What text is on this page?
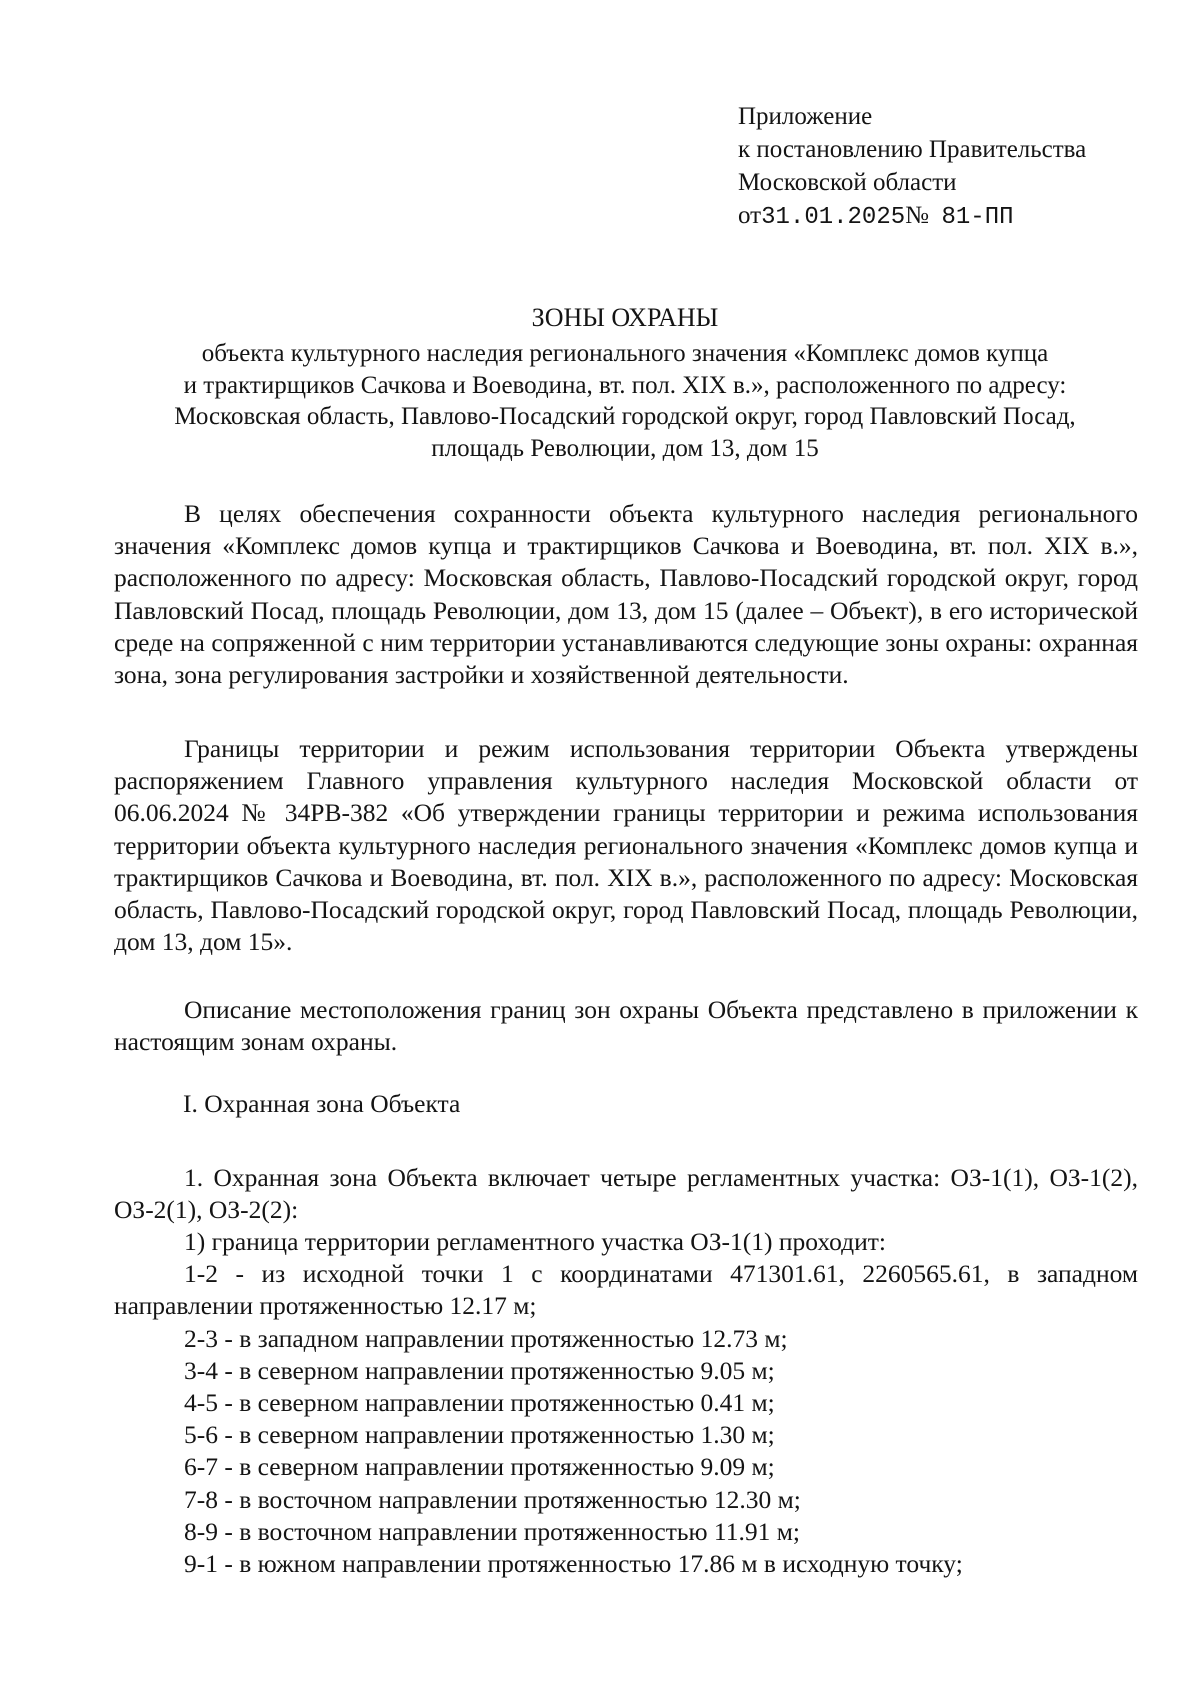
Приложение
к постановлению Правительства
Московской области
от31.01.2025№ 81-ПП
ЗОНЫ ОХРАНЫ
объекта культурного наследия регионального значения «Комплекс домов купца
и трактирщиков Сачкова и Воеводина, вт. пол. XIX в.», расположенного по адресу:
Московская область, Павлово-Посадский городской округ, город Павловский Посад,
площадь Революции, дом 13, дом 15

В целях обеспечения сохранности объекта культурного наследия регионального значения «Комплекс домов купца и трактирщиков Сачкова и Воеводина, вт. пол. XIX в.», расположенного по адресу: Московская область, Павлово-Посадский городской округ, город Павловский Посад, площадь Революции, дом 13, дом 15 (далее – Объект), в его исторической среде на сопряженной с ним территории устанавливаются следующие зоны охраны: охранная зона, зона регулирования застройки и хозяйственной деятельности.

Границы территории и режим использования территории Объекта утверждены распоряжением Главного управления культурного наследия Московской области от 06.06.2024 № 34РВ-382 «Об утверждении границы территории и режима использования территории объекта культурного наследия регионального значения «Комплекс домов купца и трактирщиков Сачкова и Воеводина, вт. пол. XIX в.», расположенного по адресу: Московская область, Павлово-Посадский городской округ, город Павловский Посад, площадь Революции, дом 13, дом 15».

Описание местоположения границ зон охраны Объекта представлено в приложении к настоящим зонам охраны.

I. Охранная зона Объекта

1. Охранная зона Объекта включает четыре регламентных участка: ОЗ-1(1), ОЗ-1(2), ОЗ-2(1), ОЗ-2(2):

1) граница территории регламентного участка ОЗ-1(1) проходит:
1-2 - из исходной точки 1 с координатами 471301.61, 2260565.61, в западном направлении протяженностью 12.17 м;
2-3 - в западном направлении протяженностью 12.73 м;
3-4 - в северном направлении протяженностью 9.05 м;
4-5 - в северном направлении протяженностью 0.41 м;
5-6 - в северном направлении протяженностью 1.30 м;
6-7 - в северном направлении протяженностью 9.09 м;
7-8 - в восточном направлении протяженностью 12.30 м;
8-9 - в восточном направлении протяженностью 11.91 м;
9-1 - в южном направлении протяженностью 17.86 м в исходную точку;
